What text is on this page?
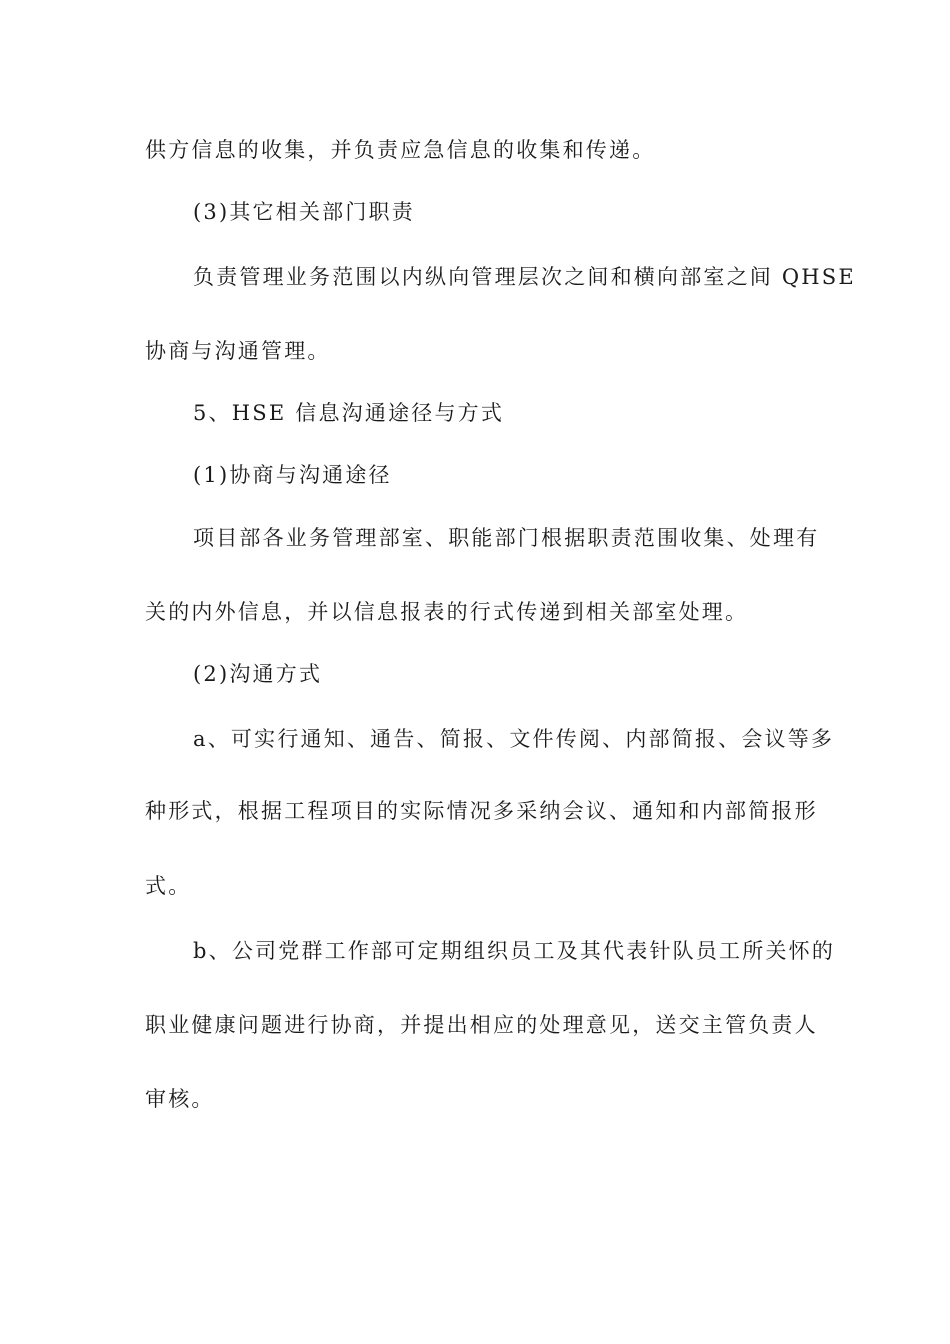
供方信息的收集，并负责应急信息的收集和传递。
(3)其它相关部门职责
负责管理业务范围以内纵向管理层次之间和横向部室之间 QHSE
协商与沟通管理。
5、HSE 信息沟通途径与方式
(1)协商与沟通途径
项目部各业务管理部室、职能部门根据职责范围收集、处理有
关的内外信息，并以信息报表的行式传递到相关部室处理。
(2)沟通方式
a、可实行通知、通告、简报、文件传阅、内部简报、会议等多
种形式，根据工程项目的实际情况多采纳会议、通知和内部简报形
式。
b、公司党群工作部可定期组织员工及其代表针队员工所关怀的
职业健康问题进行协商，并提出相应的处理意见，送交主管负责人
审核。
